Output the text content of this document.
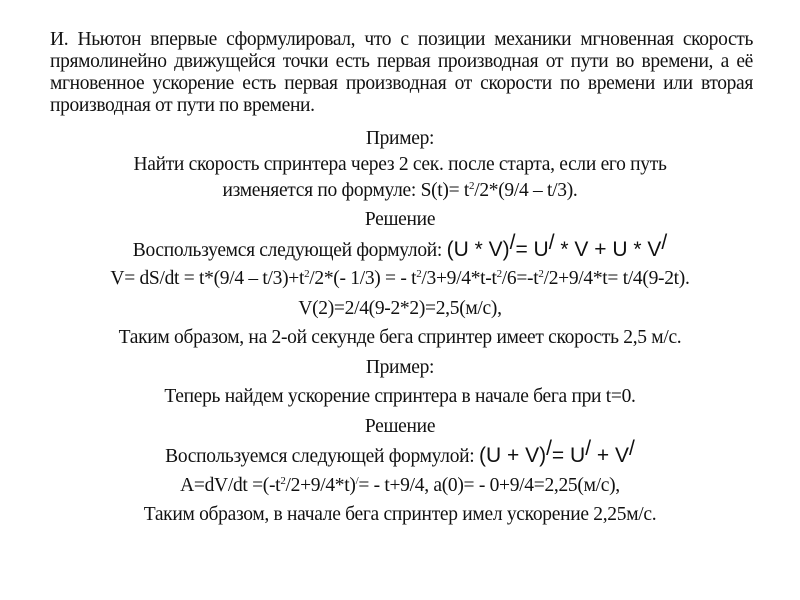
И. Ньютон впервые сформулировал, что с позиции механики мгновенная скорость прямолинейно движущейся точки есть первая производная от пути во времени, а её мгновенное ускорение есть первая производная от скорости по времени или вторая производная от пути по времени.
Пример:
Найти скорость спринтера через 2 сек. после старта, если его путь
изменяется по формуле: $S(t)= t^2/2*(9/4 - t/3)$.
Решение
Воспользуемся следующей формулой: (U * V)/= U/ * V + U * V/
$V= dS/dt = t*(9/4 - t/3)+t^2/2*(-$ 1/3) = - $t^2/3+9/4*t-t^2/6=-t^2/2+9/4*t= t/4(9-2t)$.
V(2)=2/4(9-2*2)=2,5(м/с),
Таким образом, на 2-ой секунде бега спринтер имеет скорость 2,5 м/с.
Пример:
Теперь найдем ускорение спринтера в начале бега при t=0.
Решение
Воспользуемся следующей формулой: (U + V)/= U/ + V/
$A=dV/dt =(-t^2/2+9/4*t)^/= - t+9/4$, a(0)= - 0+9/4=2,25(м/с),
Таким образом, в начале бега спринтер имел ускорение 2,25м/с.
